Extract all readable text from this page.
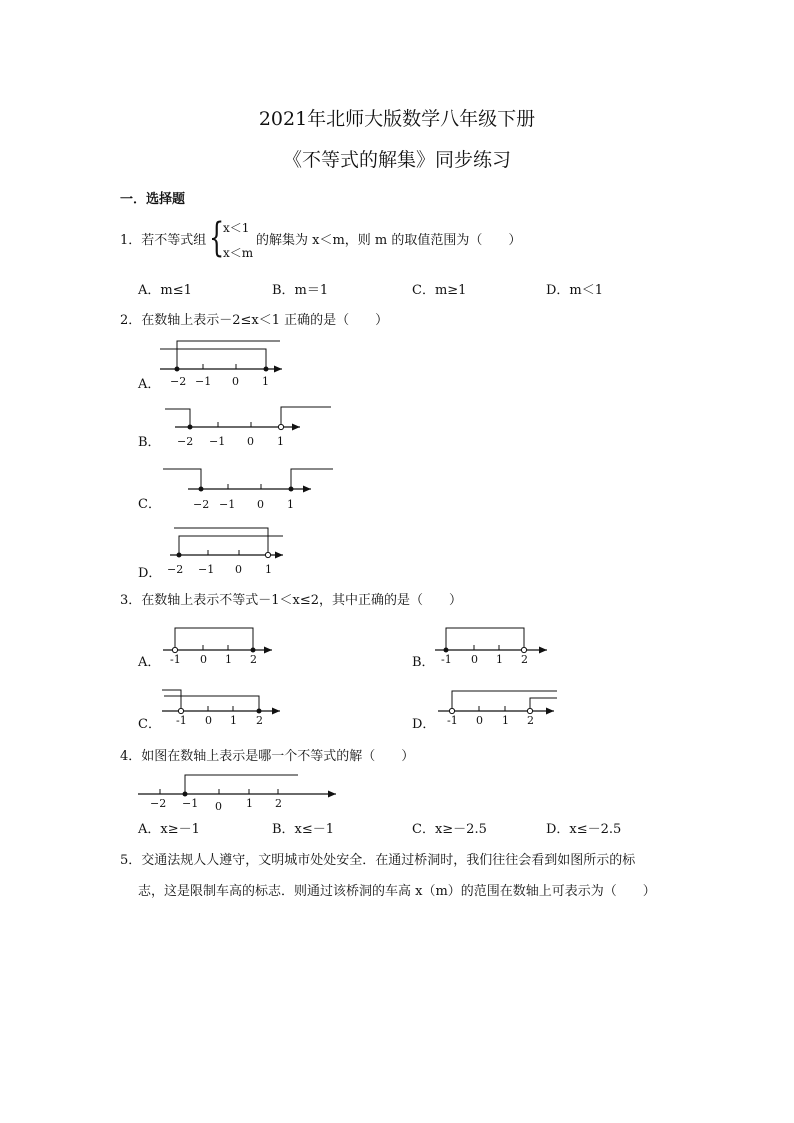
2021年北师大版数学八年级下册
《不等式的解集》同步练习
一．选择题
1．若不等式组 {
x＜1
x＜m
的解集为 x＜m，则 m 的取值范围为（　　）
A．m≤1	B．m＝1	C．m≥1	D．m＜1
2．在数轴上表示－2≤x＜1 正确的是（　　）
A． −2 −1 0 1
B． −2 −1 0 1
C．	−2 −1 0 1
D． −2 −1 0 1
3．在数轴上表示不等式－1＜x≤2，其中正确的是（　　）
A． -1 0 1 2	B． -1 0 1 2
C． -1 0 1 2	D． -1 0 1 2
4．如图在数轴上表示是哪一个不等式的解（　　）
−2 −1 0 1 2
A．x≥－1	B．x≤－1	C．x≥－2.5	D．x≤－2.5
5．交通法规人人遵守，文明城市处处安全．在通过桥洞时，我们往往会看到如图所示的标
志，这是限制车高的标志．则通过该桥洞的车高 x（m）的范围在数轴上可表示为（　　）
